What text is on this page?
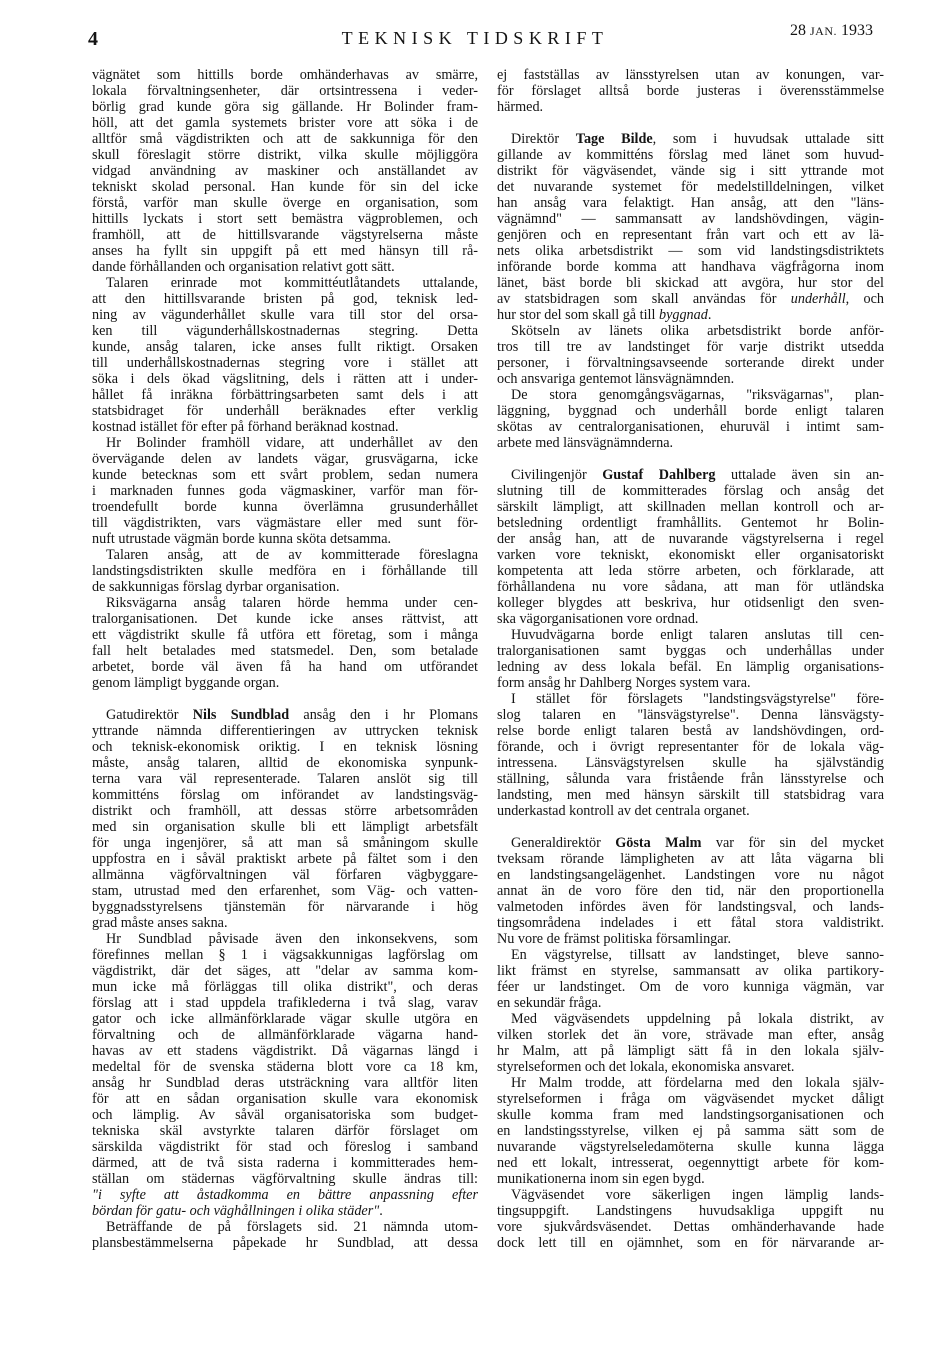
4	TEKNISK TIDSKRIFT	28 JAN. 1933
vägnätet som hittills borde omhänderhavas av smärre,
lokala förvaltningsenheter, där ortsintressena i veder-
börlig grad kunde göra sig gällande. Hr Bolinder fram-
höll, att det gamla systemets brister vore att söka i de
alltför små vägdistrikten och att de sakkunniga för den
skull föreslagit större distrikt, vilka skulle möjliggöra
vidgad användning av maskiner och anställandet av
tekniskt skolad personal. Han kunde för sin del icke
förstå, varför man skulle överge en organisation, som
hittills lyckats i stort sett bemästra vägproblemen, och
framhöll, att de hittillsvarande vägstyrelserna måste
anses ha fyllt sin uppgift på ett med hänsyn till rå-
dande förhållanden och organisation relativt gott sätt.
Talaren erinrade mot kommittéutlåtandets uttalande,
att den hittillsvarande bristen på god, teknisk led-
ning av vägunderhållet skulle vara till stor del orsa-
ken till vägunderhållskostnadernas stegring. Detta
kunde, ansåg talaren, icke anses fullt riktigt. Orsaken
till underhållskostnadernas stegring vore i stället att
söka i dels ökad vägslitning, dels i rätten att i under-
hållet få inräkna förbättringsarbeten samt dels i att
statsbidraget för underhåll beräknades efter verklig
kostnad istället för efter på förhand beräknad kostnad.
Hr Bolinder framhöll vidare, att underhållet av den
övervägande delen av landets vägar, grusvägarna, icke
kunde betecknas som ett svårt problem, sedan numera
i marknaden funnes goda vägmaskiner, varför man för-
troendefullt borde kunna överlämna grusunderhållet
till vägdistrikten, vars vägmästare eller med sunt för-
nuft utrustade vägmän borde kunna sköta detsamma.
Talaren ansåg, att de av kommitterade föreslagna
landstingsdistrikten skulle medföra en i förhållande till
de sakkunnigas förslag dyrbar organisation.
Riksvägarna ansåg talaren hörde hemma under cen-
tralorganisationen. Det kunde icke anses rättvist, att
ett vägdistrikt skulle få utföra ett företag, som i många
fall helt betalades med statsmedel. Den, som betalade
arbetet, borde väl även få ha hand om utförandet
genom lämpligt byggande organ.
Gatudirektör Nils Sundblad ansåg den i hr Plomans
yttrande nämnda differentieringen av uttrycken teknisk
och teknisk-ekonomisk oriktig. I en teknisk lösning
måste, ansåg talaren, alltid de ekonomiska synpunk-
terna vara väl representerade. Talaren anslöt sig till
kommitténs förslag om införandet av landstingsväg-
distrikt och framhöll, att dessas större arbetsområden
med sin organisation skulle bli ett lämpligt arbetsfält
för unga ingenjörer, så att man så småningom skulle
uppfostra en i såväl praktiskt arbete på fältet som i den
allmänna vägförvaltningen väl förfaren vägbyggare-
stam, utrustad med den erfarenhet, som Väg- och vatten-
byggnadsstyrelsens tjänstemän för närvarande i hög
grad måste anses sakna.
Hr Sundblad påvisade även den inkonsekvens, som
förefinnes mellan § 1 i vägsakkunnigas lagförslag om
vägdistrikt, där det säges, att "delar av samma kom-
mun icke må förläggas till olika distrikt", och deras
förslag att i stad uppdela trafiklederna i två slag, varav
gator och icke allmänförklarade vägar skulle utgöra en
förvaltning och de allmänförklarade vägarna hand-
havas av ett stadens vägdistrikt. Då vägarnas längd i
medeltal för de svenska städerna blott vore ca 18 km,
ansåg hr Sundblad deras utsträckning vara alltför liten
för att en sådan organisation skulle vara ekonomisk
och lämplig. Av såväl organisatoriska som budget-
tekniska skäl avstyrkte talaren därför förslaget om
särskilda vägdistrikt för stad och föreslog i samband
därmed, att de två sista raderna i kommitterades hem-
ställan om städernas vägförvaltning skulle ändras till:
"i syfte att åstadkomma en bättre anpassning efter
bördan för gatu- och väghållningen i olika städer".
Beträffande de på förslagets sid. 21 nämnda utom-
plansbestämmelserna påpekade hr Sundblad, att dessa
ej fastställas av länsstyrelsen utan av konungen, var-
för förslaget alltså borde justeras i överensstämmelse
härmed.
Direktör Tage Bilde, som i huvudsak uttalade sitt
gillande av kommitténs förslag med länet som huvud-
distrikt för vägväsendet, vände sig i sitt yttrande mot
det nuvarande systemet för medelstilldelningen, vilket
han ansåg vara felaktigt. Han ansåg, att den "läns-
vägnämnd" — sammansatt av landshövdingen, vägin-
genjören och en representant från vart och ett av lä-
nets olika arbetsdistrikt — som vid landstingsdistriktets
införande borde komma att handhava vägfrågorna inom
länet, bäst borde bli skickad att avgöra, hur stor del
av statsbidragen som skall användas för underhåll, och
hur stor del som skall gå till byggnad.
Skötseln av länets olika arbetsdistrikt borde anför-
tros till tre av landstinget för varje distrikt utsedda
personer, i förvaltningsavseende sorterande direkt under
och ansvariga gentemot länsvägnämnden.
De stora genomgångsvägarnas, "riksvägarnas", plan-
läggning, byggnad och underhåll borde enligt talaren
skötas av centralorganisationen, ehuruväl i intimt sam-
arbete med länsvägnämnderna.
Civilingenjör Gustaf Dahlberg uttalade även sin an-
slutning till de kommitterades förslag och ansåg det
särskilt lämpligt, att skillnaden mellan kontroll och ar-
betsledning ordentligt framhållits. Gentemot hr Bolin-
der ansåg han, att de nuvarande vägstyrelserna i regel
varken vore tekniskt, ekonomiskt eller organisatoriskt
kompetenta att leda större arbeten, och förklarade, att
förhållandena nu vore sådana, att man för utländska
kolleger blygdes att beskriva, hur otidsenligt den sven-
ska vägorganisationen vore ordnad.
Huvudvägarna borde enligt talaren anslutas till cen-
tralorganisationen samt byggas och underhållas under
ledning av dess lokala befäl. En lämplig organisations-
form ansåg hr Dahlberg Norges system vara.
I stället för förslagets "landstingsvägstyrelse" före-
slog talaren en "länsvägstyrelse". Denna länsvägsty-
relse borde enligt talaren bestå av landshövdingen, ord-
förande, och i övrigt representanter för de lokala väg-
intressena. Länsvägstyrelsen skulle ha självständig
ställning, sålunda vara fristående från länsstyrelse och
landsting, men med hänsyn särskilt till statsbidrag vara
underkastad kontroll av det centrala organet.
Generaldirektör Gösta Malm var för sin del mycket
tveksam rörande lämpligheten av att låta vägarna bli
en landstingsangelägenhet. Landstingen vore nu något
annat än de voro före den tid, när den proportionella
valmetoden infördes även för landstingsval, och lands-
tingsområdena indelades i ett fåtal stora valdistrikt.
Nu vore de främst politiska församlingar.
En vägstyrelse, tillsatt av landstinget, bleve sanno-
likt främst en styrelse, sammansatt av olika partikory-
féer ur landstinget. Om de voro kunniga vägmän, var
en sekundär fråga.
Med vägväsendets uppdelning på lokala distrikt, av
vilken storlek det än vore, strävade man efter, ansåg
hr Malm, att på lämpligt sätt få in den lokala själv-
styrelseformen och det lokala, ekonomiska ansvaret.
Hr Malm trodde, att fördelarna med den lokala själv-
styrelseformen i fråga om vägväsendet mycket dåligt
skulle komma fram med landstingsorganisationen och
en landstingsstyrelse, vilken ej på samma sätt som de
nuvarande vägstyrelseledamöterna skulle kunna lägga
ned ett lokalt, intresserat, oegennyttigt arbete för kom-
munikationerna inom sin egen bygd.
Vägväsendet vore säkerligen ingen lämplig lands-
tingsuppgift. Landstingens huvudsakliga uppgift nu
vore sjukvårdsväsendet. Dettas omhänderhavande hade
dock lett till en ojämnhet, som en för närvarande ar-
